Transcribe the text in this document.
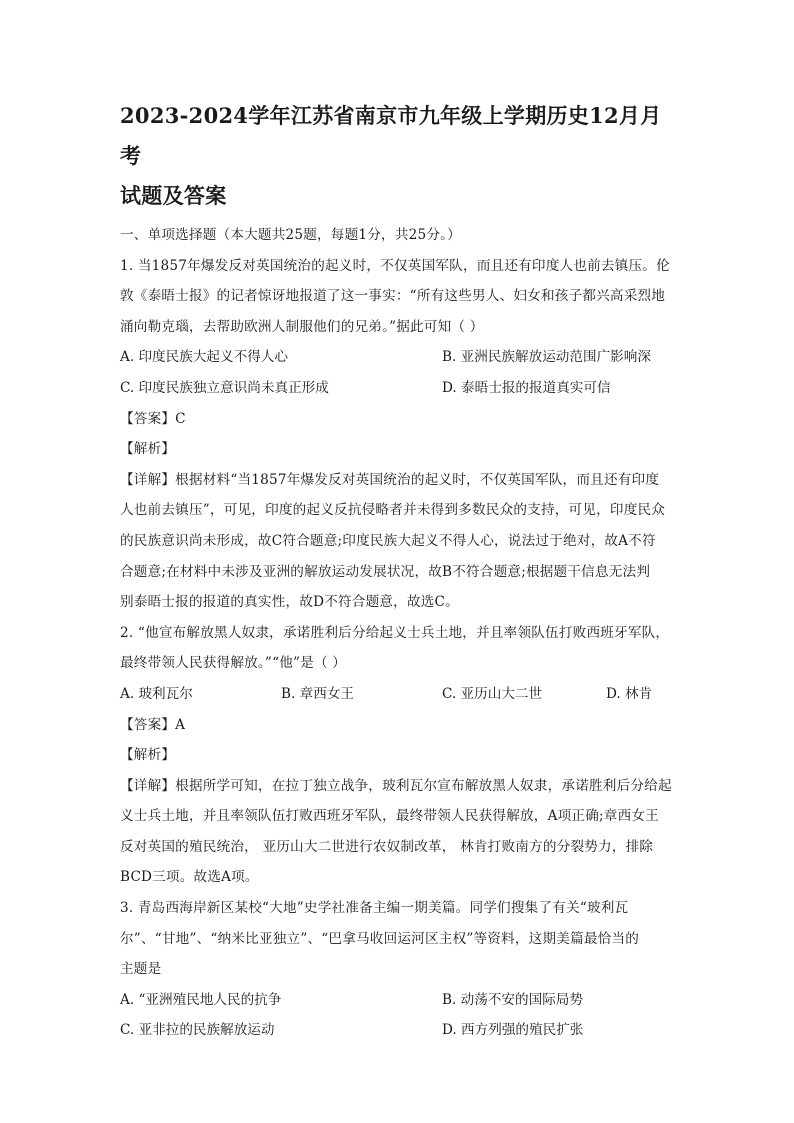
2023-2024学年江苏省南京市九年级上学期历史12月月考

试题及答案

一、单项选择题（本大题共25题，每题1分，共25分。）

1. 当1857年爆发反对英国统治的起义时，不仅英国军队，而且还有印度人也前去镇压。伦

敦《泰晤士报》的记者惊讶地报道了这一事实：“所有这些男人、妇女和孩子都兴高采烈地

涌向勒克瑙，去帮助欧洲人制服他们的兄弟。”据此可知（ ）

A. 印度民族大起义不得人心	B. 亚洲民族解放运动范围广影响深
C. 印度民族独立意识尚未真正形成	D. 泰晤士报的报道真实可信

【答案】C

【解析】

【详解】根据材料“当1857年爆发反对英国统治的起义时，不仅英国军队，而且还有印度

人也前去镇压”，可见，印度的起义反抗侵略者并未得到多数民众的支持，可见，印度民众

的民族意识尚未形成，故C符合题意;印度民族大起义不得人心，说法过于绝对，故A不符

合题意;在材料中未涉及亚洲的解放运动发展状况，故B不符合题意;根据题干信息无法判

别泰晤士报的报道的真实性，故D不符合题意，故选C。

2. “他宣布解放黑人奴隶，承诺胜利后分给起义士兵土地，并且率领队伍打败西班牙军队，

最终带领人民获得解放。”“他”是（ ）

A. 玻利瓦尔	B. 章西女王	C. 亚历山大二世	D. 林肯

【答案】A

【解析】

【详解】根据所学可知，在拉丁独立战争，玻利瓦尔宣布解放黑人奴隶，承诺胜利后分给起

义士兵土地，并且率领队伍打败西班牙军队，最终带领人民获得解放，A项正确;章西女王

反对英国的殖民统治， 亚历山大二世进行农奴制改革， 林肯打败南方的分裂势力，排除

BCD三项。故选A项。

3. 青岛西海岸新区某校“大地”史学社准备主编一期美篇。同学们搜集了有关“玻利瓦

尔”、“甘地”、“纳米比亚独立”、“巴拿马收回运河区主权”等资料，这期美篇最恰当的

主题是

A. “亚洲殖民地人民的抗争	B. 动荡不安的国际局势
C. 亚非拉的民族解放运动	D. 西方列强的殖民扩张
